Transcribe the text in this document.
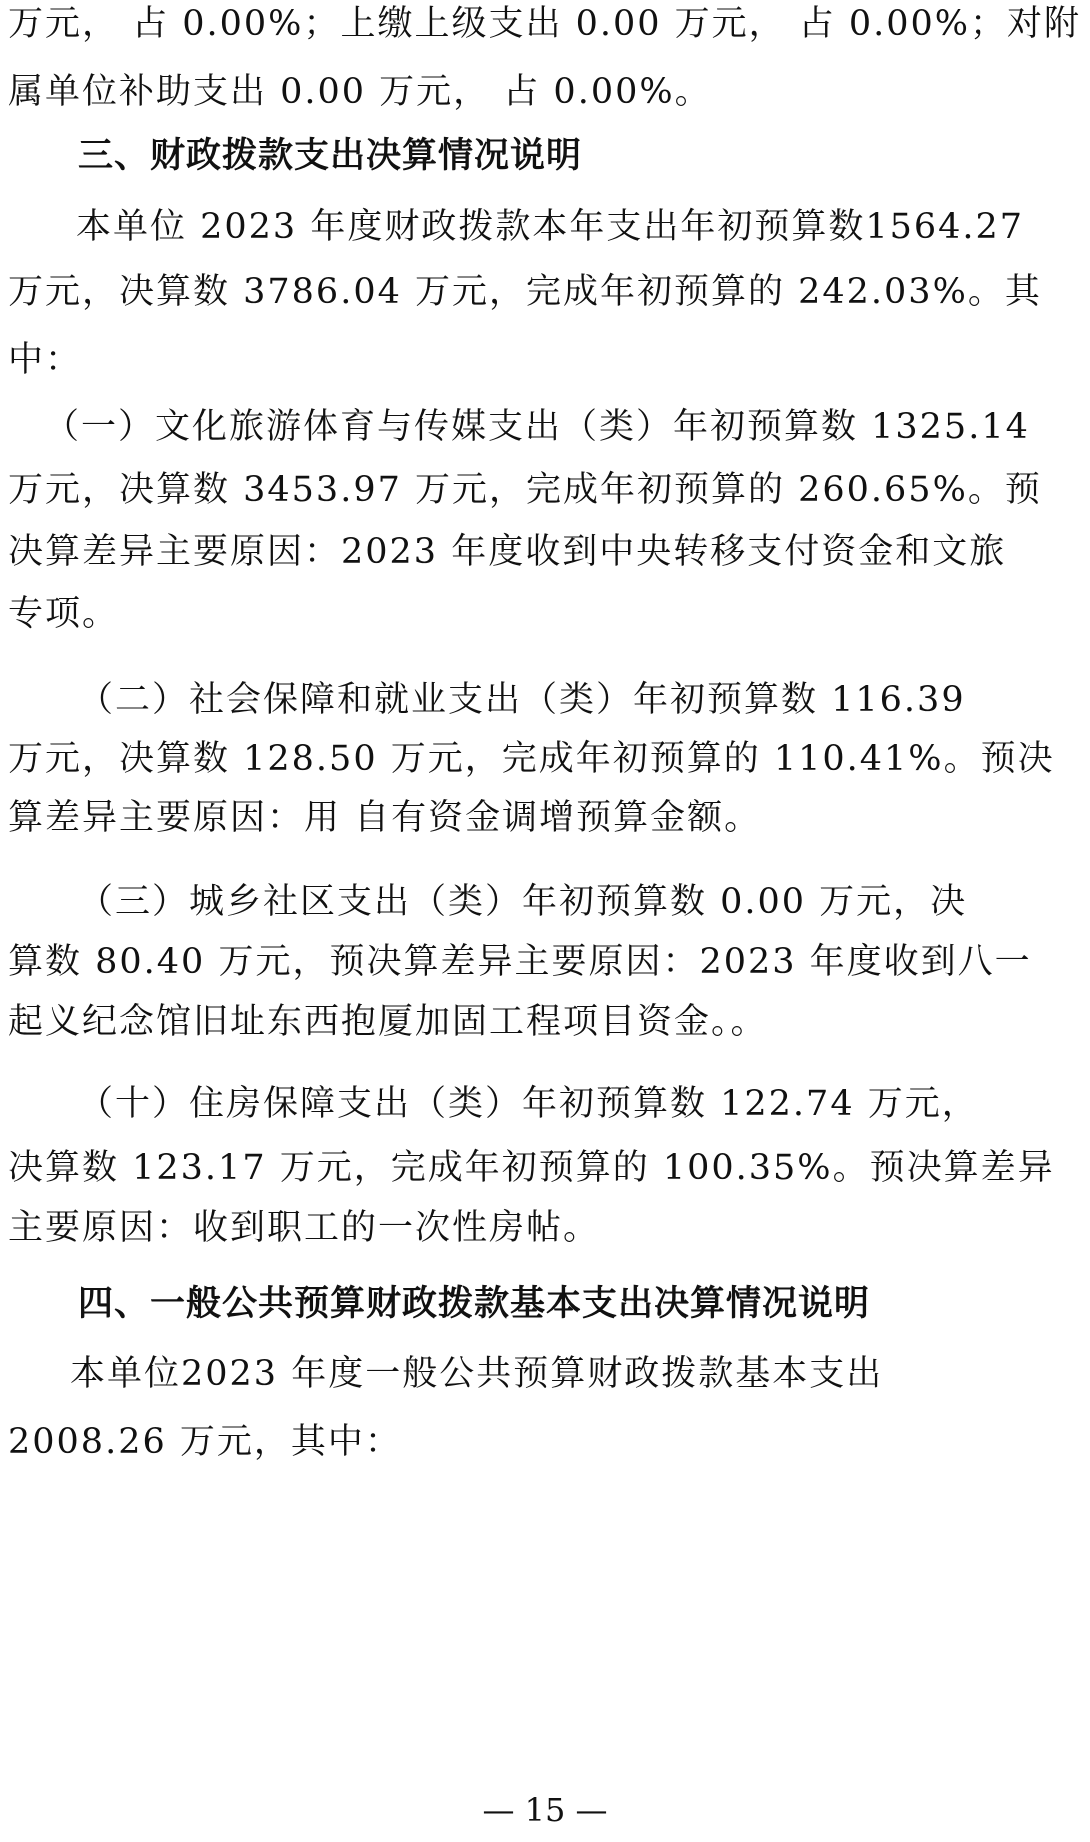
万元， 占 0.00%；上缴上级支出 0.00 万元， 占 0.00%；对附
属单位补助支出 0.00 万元， 占 0.00%。
三、财政拨款支出决算情况说明
本单位 2023 年度财政拨款本年支出年初预算数1564.27
万元，决算数 3786.04 万元，完成年初预算的 242.03%。其
中：
（一）文化旅游体育与传媒支出（类）年初预算数 1325.14
万元，决算数 3453.97 万元，完成年初预算的 260.65%。预
决算差异主要原因：2023 年度收到中央转移支付资金和文旅
专项。
（二）社会保障和就业支出（类）年初预算数 116.39
万元，决算数 128.50 万元，完成年初预算的 110.41%。预决
算差异主要原因：用 自有资金调增预算金额。
（三）城乡社区支出（类）年初预算数 0.00 万元，决
算数 80.40 万元，预决算差异主要原因：2023 年度收到八一
起义纪念馆旧址东西抱厦加固工程项目资金。。
（十）住房保障支出（类）年初预算数 122.74 万元，
决算数 123.17 万元，完成年初预算的 100.35%。预决算差异
主要原因：收到职工的一次性房帖。
四、一般公共预算财政拨款基本支出决算情况说明
本单位2023 年度一般公共预算财政拨款基本支出
2008.26 万元，其中：
— 15 —
